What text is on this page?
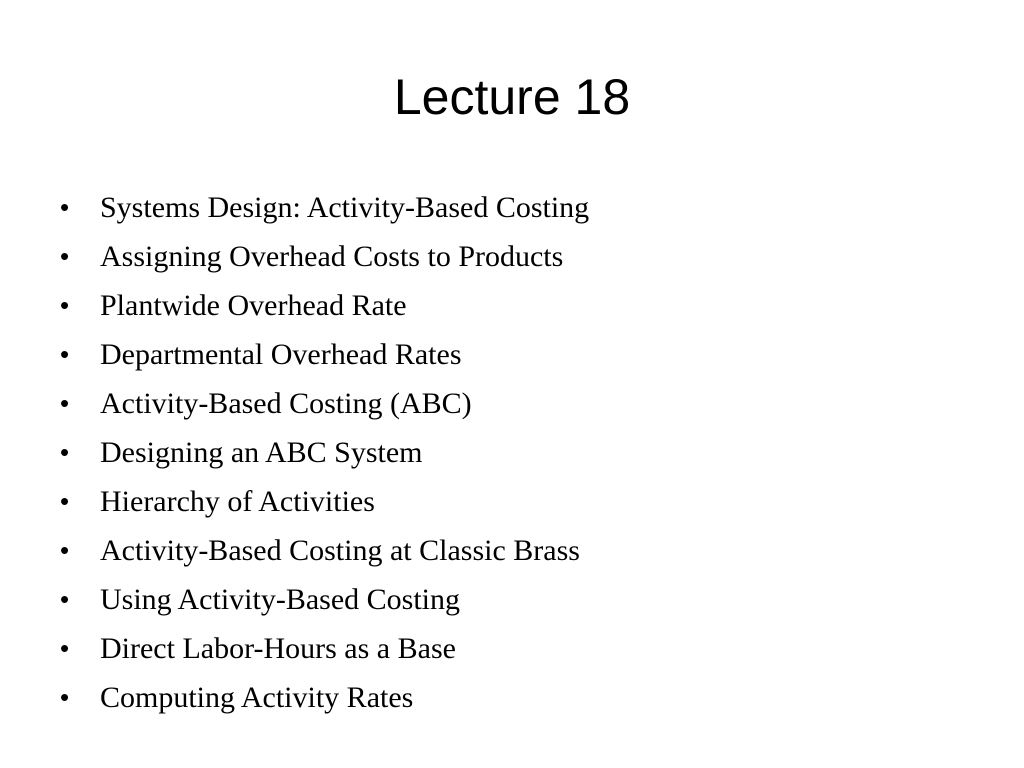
Lecture 18
•	Systems Design: Activity-Based Costing
•	Assigning Overhead Costs to Products
•	Plantwide Overhead Rate
•	Departmental Overhead Rates
•	Activity-Based Costing (ABC)
•	Designing an ABC System
•	Hierarchy of Activities
•	Activity-Based Costing at Classic Brass
•	Using Activity-Based Costing
•	Direct Labor-Hours as a Base
•	Computing Activity Rates
